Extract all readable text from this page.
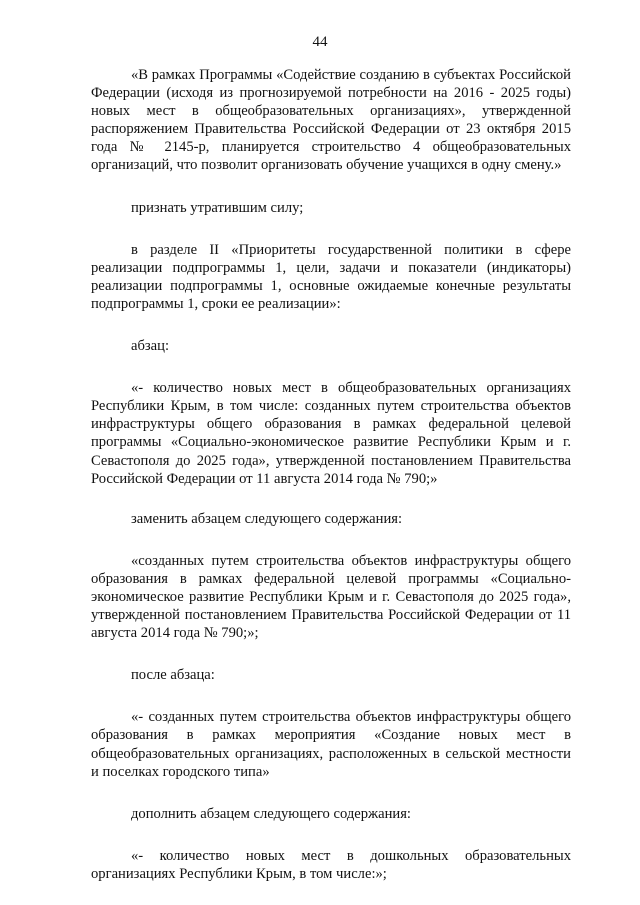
44

«В рамках Программы «Содействие созданию в субъектах Российской Федерации (исходя из прогнозируемой потребности на 2016 - 2025 годы) новых мест в общеобразовательных организациях», утвержденной распоряжением Правительства Российской Федерации от 23 октября 2015 года № 2145-р, планируется строительство 4 общеобразовательных организаций, что позволит организовать обучение учащихся в одну смену.»

признать утратившим силу;

в разделе II «Приоритеты государственной политики в сфере реализации подпрограммы 1, цели, задачи и показатели (индикаторы) реализации подпрограммы 1, основные ожидаемые конечные результаты подпрограммы 1, сроки ее реализации»:

абзац:

«- количество новых мест в общеобразовательных организациях Республики Крым, в том числе: созданных путем строительства объектов инфраструктуры общего образования в рамках федеральной целевой программы «Социально-экономическое развитие Республики Крым и г. Севастополя до 2025 года», утвержденной постановлением Правительства Российской Федерации от 11 августа 2014 года № 790;»

заменить абзацем следующего содержания:

«созданных путем строительства объектов инфраструктуры общего образования в рамках федеральной целевой программы «Социально-экономическое развитие Республики Крым и г. Севастополя до 2025 года», утвержденной постановлением Правительства Российской Федерации от 11 августа 2014 года № 790;»;

после абзаца:

«- созданных путем строительства объектов инфраструктуры общего образования в рамках мероприятия «Создание новых мест в общеобразовательных организациях, расположенных в сельской местности и поселках городского типа»

дополнить абзацем следующего содержания:

«- количество новых мест в дошкольных образовательных организациях Республики Крым, в том числе:»;
